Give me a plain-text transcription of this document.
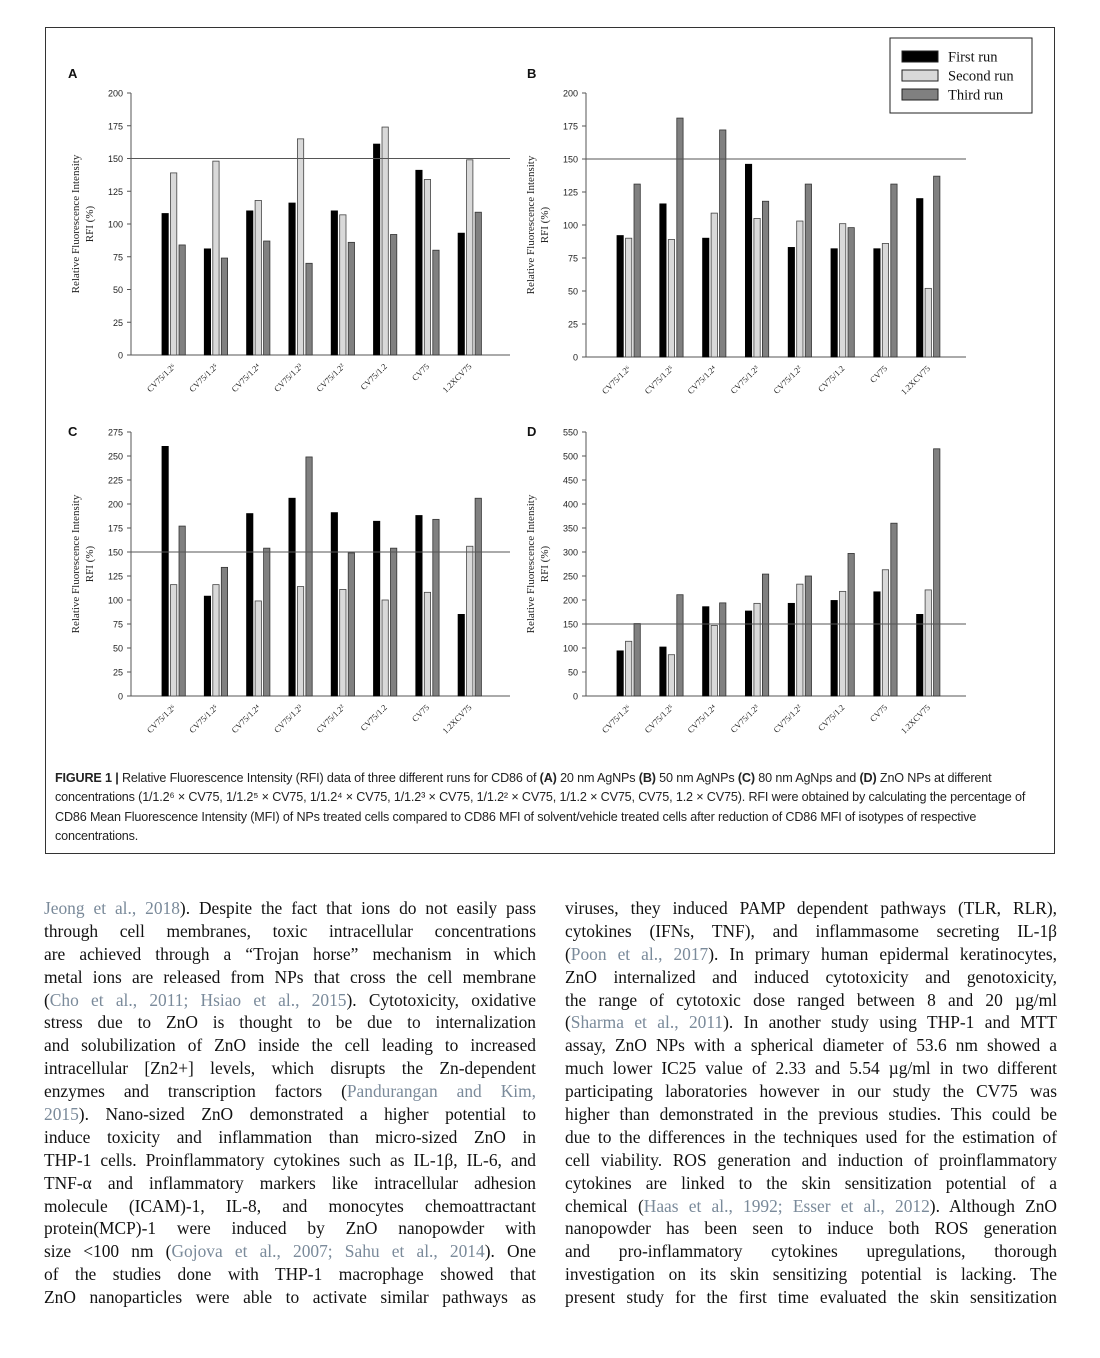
A
0
25
50
75
100
125
150
175
200
Relative Fluorescence Intensity RFI (%)
CV75/1.2⁶ CV75/1.2⁵ CV75/1.2⁴ CV75/1.2³ CV75/1.2² CV75/1.2 CV75 1.2XCV75
B
0
25
50
75
100
125
150
175
200
Relative Fluorescence Intensity RFI (%)
CV75/1.2⁶ CV75/1.2⁵ CV75/1.2⁴ CV75/1.2³ CV75/1.2² CV75/1.2	CV75 1.2XCV75
C
0
25
50
75
100
125
150
175
200
225
250
275
Relative Fluorescence Intensity RFI (%)
CV75/1.2⁶ CV75/1.2⁵ CV75/1.2⁴ CV75/1.2³ CV75/1.2² CV75/1.2 CV75 1.2XCV75
D
0
50
100
150
200
250
300
350
400
450
500
550
Relative Fluorescence Intensity RFI (%)
CV75/1.2⁶ CV75/1.2⁵ CV75/1.2⁴ CV75/1.2³ CV75/1.2² CV75/1.2	CV75 1.2XCV75
First run
Second run
Third run
FIGURE 1 | Relative Fluorescence Intensity (RFI) data of three different runs for CD86 of (A) 20 nm AgNPs (B) 50 nm AgNPs (C) 80 nm AgNps and (D) ZnO NPs at different concentrations (1/1.2⁶ × CV75, 1/1.2⁵ × CV75, 1/1.2⁴ × CV75, 1/1.2³ × CV75, 1/1.2² × CV75, 1/1.2 × CV75, CV75, 1.2 × CV75). RFI were obtained by calculating the percentage of CD86 Mean Fluorescence Intensity (MFI) of NPs treated cells compared to CD86 MFI of solvent/vehicle treated cells after reduction of CD86 MFI of isotypes of respective concentrations.
Jeong et al., 2018). Despite the fact that ions do not easily pass
through cell membranes, toxic intracellular concentrations
are achieved through a “Trojan horse” mechanism in which
metal ions are released from NPs that cross the cell membrane
(Cho et al., 2011; Hsiao et al., 2015). Cytotoxicity, oxidative
stress due to ZnO is thought to be due to internalization
and solubilization of ZnO inside the cell leading to increased
intracellular [Zn2+] levels, which disrupts the Zn-dependent
enzymes and transcription factors (Pandurangan and Kim,
2015). Nano-sized ZnO demonstrated a higher potential to
induce toxicity and inflammation than micro-sized ZnO in
THP-1 cells. Proinflammatory cytokines such as IL-1β, IL-6, and
TNF-α and inflammatory markers like intracellular adhesion
molecule (ICAM)-1, IL-8, and monocytes chemoattractant
protein(MCP)-1 were induced by ZnO nanopowder with
size <100 nm (Gojova et al., 2007; Sahu et al., 2014). One
of the studies done with THP-1 macrophage showed that
ZnO nanoparticles were able to activate similar pathways as
viruses, they induced PAMP dependent pathways (TLR, RLR),
cytokines (IFNs, TNF), and inflammasome secreting IL-1β
(Poon et al., 2017). In primary human epidermal keratinocytes,
ZnO internalized and induced cytotoxicity and genotoxicity,
the range of cytotoxic dose ranged between 8 and 20 µg/ml
(Sharma et al., 2011). In another study using THP-1 and MTT
assay, ZnO NPs with a spherical diameter of 53.6 nm showed a
much lower IC25 value of 2.33 and 5.54 µg/ml in two different
participating laboratories however in our study the CV75 was
higher than demonstrated in the previous studies. This could be
due to the differences in the techniques used for the estimation of
cell viability. ROS generation and induction of proinflammatory
cytokines are linked to the skin sensitization potential of a
chemical (Haas et al., 1992; Esser et al., 2012). Although ZnO
nanopowder has been seen to induce both ROS generation
and pro-inflammatory cytokines upregulations, thorough
investigation on its skin sensitizing potential is lacking. The
present study for the first time evaluated the skin sensitization
